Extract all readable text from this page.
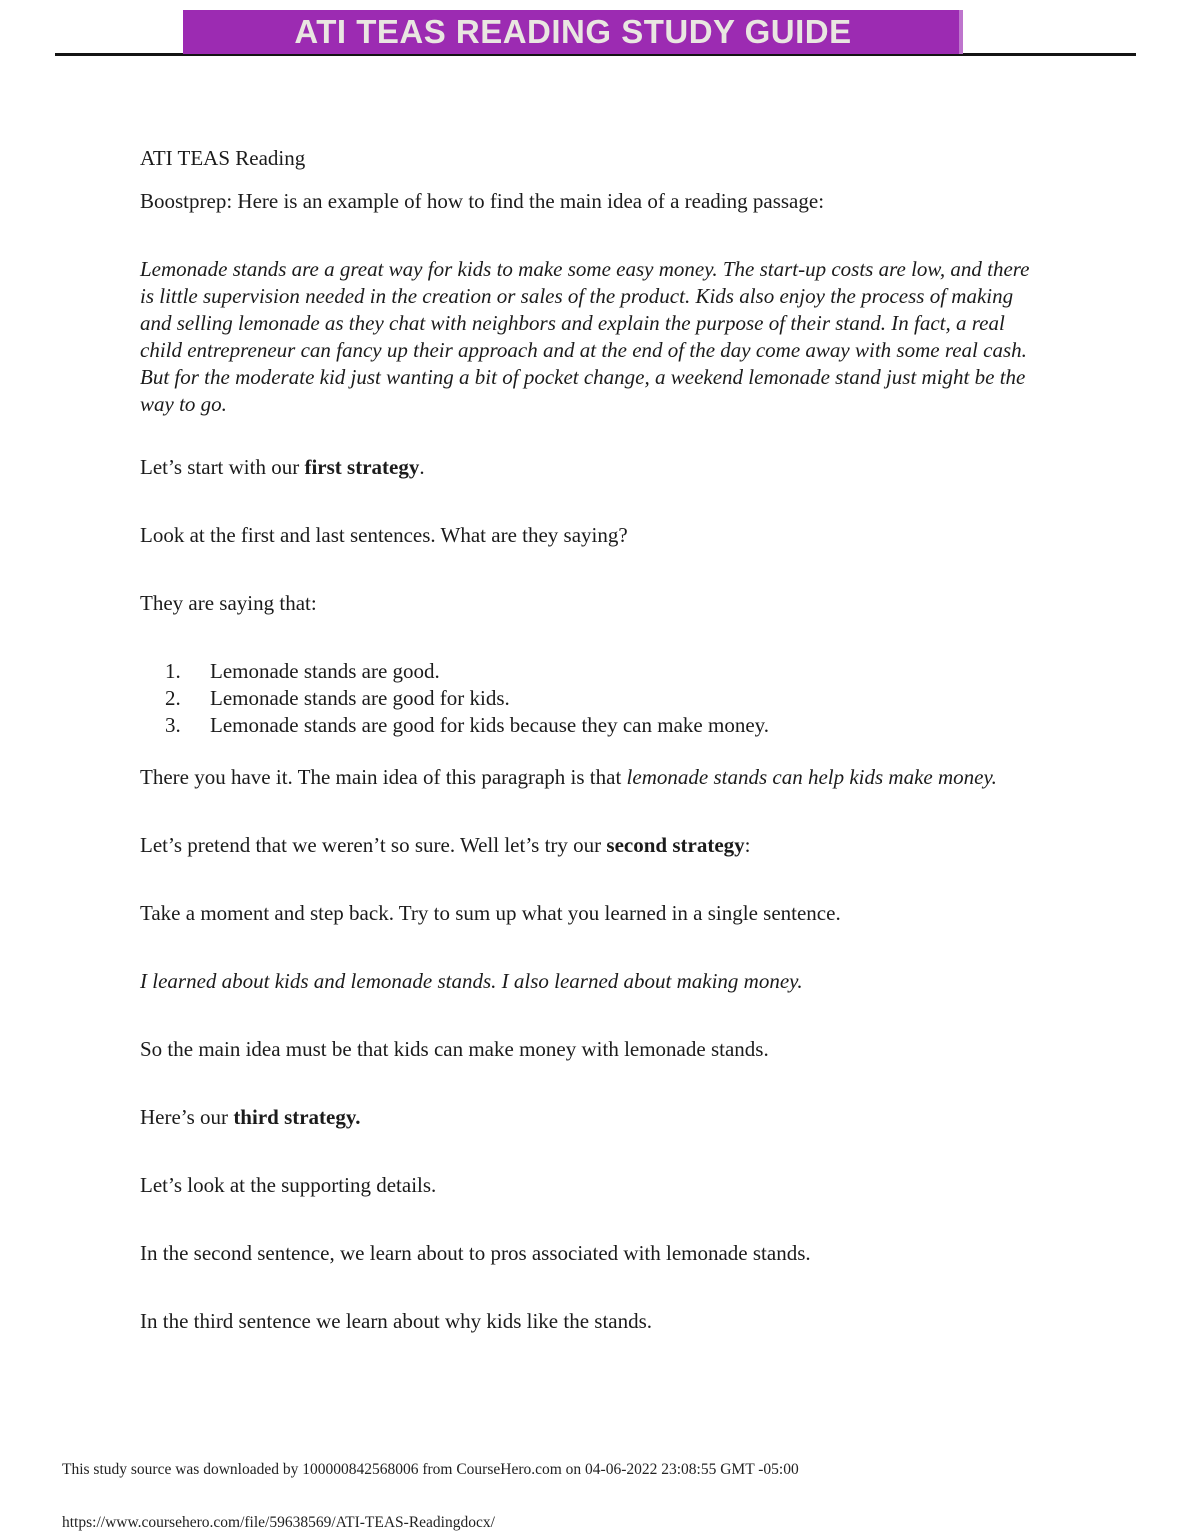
ATI TEAS READING STUDY GUIDE

ATI TEAS Reading

Boostprep: Here is an example of how to find the main idea of a reading passage:

Lemonade stands are a great way for kids to make some easy money. The start-up costs are low, and there is little supervision needed in the creation or sales of the product. Kids also enjoy the process of making and selling lemonade as they chat with neighbors and explain the purpose of their stand. In fact, a real child entrepreneur can fancy up their approach and at the end of the day come away with some real cash. But for the moderate kid just wanting a bit of pocket change, a weekend lemonade stand just might be the way to go.

Let’s start with our first strategy.

Look at the first and last sentences. What are they saying?

They are saying that:

1. Lemonade stands are good.
2. Lemonade stands are good for kids.
3. Lemonade stands are good for kids because they can make money.

There you have it. The main idea of this paragraph is that lemonade stands can help kids make money.

Let’s pretend that we weren’t so sure. Well let’s try our second strategy:

Take a moment and step back. Try to sum up what you learned in a single sentence.

I learned about kids and lemonade stands. I also learned about making money.

So the main idea must be that kids can make money with lemonade stands.

Here’s our third strategy.

Let’s look at the supporting details.

In the second sentence, we learn about to pros associated with lemonade stands.

In the third sentence we learn about why kids like the stands.

This study source was downloaded by 100000842568006 from CourseHero.com on 04-06-2022 23:08:55 GMT -05:00
https://www.coursehero.com/file/59638569/ATI-TEAS-Readingdocx/
